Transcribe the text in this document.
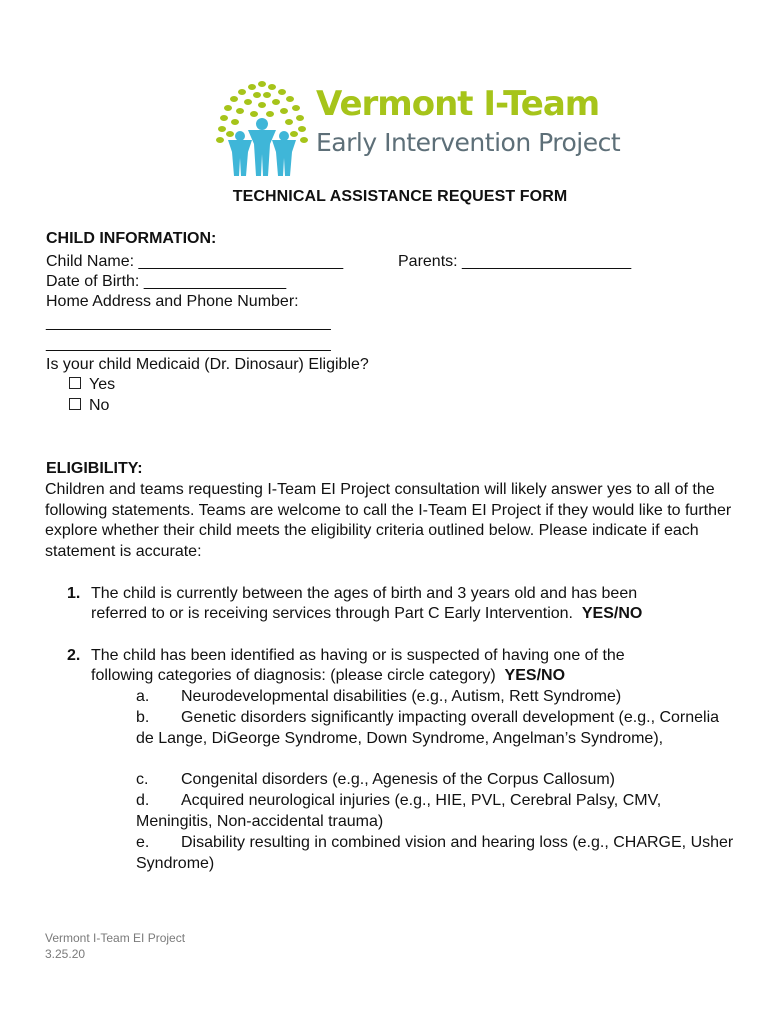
Vermont I-Team
Early Intervention Project
TECHNICAL ASSISTANCE REQUEST FORM
CHILD INFORMATION:
Child Name: _______________________	Parents: ___________________
Date of Birth: ________________
Home Address and Phone Number:
________________________________
________________________________
Is your child Medicaid (Dr. Dinosaur) Eligible?
Yes
No
ELIGIBILITY:
Children and teams requesting I-Team EI Project consultation will likely answer yes to all of the following statements. Teams are welcome to call the I-Team EI Project if they would like to further explore whether their child meets the eligibility criteria outlined below. Please indicate if each statement is accurate:
1. The child is currently between the ages of birth and 3 years old and has been
referred to or is receiving services through Part C Early Intervention. YES/NO
2. The child has been identified as having or is suspected of having one of the
following categories of diagnosis: (please circle category) YES/NO
a. Neurodevelopmental disabilities (e.g., Autism, Rett Syndrome)
b. Genetic disorders significantly impacting overall development (e.g., Cornelia de Lange, DiGeorge Syndrome, Down Syndrome, Angelman’s Syndrome),
c. Congenital disorders (e.g., Agenesis of the Corpus Callosum)
d. Acquired neurological injuries (e.g., HIE, PVL, Cerebral Palsy, CMV, Meningitis, Non-accidental trauma)
e. Disability resulting in combined vision and hearing loss (e.g., CHARGE, Usher Syndrome)
Vermont I-Team EI Project
3.25.20
